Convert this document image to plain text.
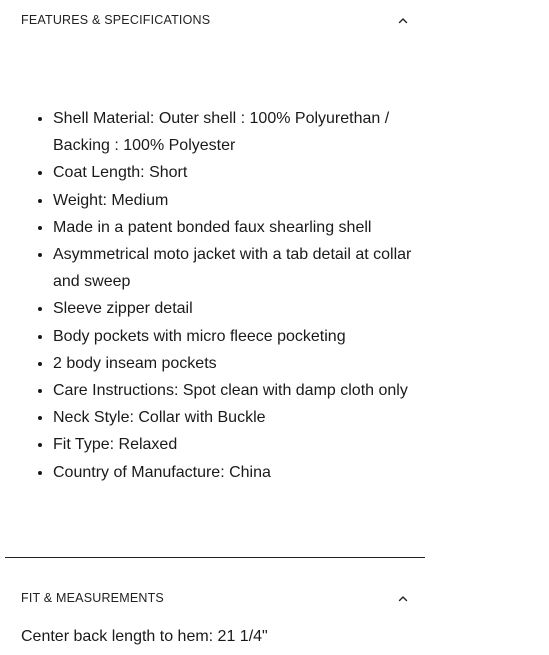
FEATURES & SPECIFICATIONS
• Shell Material: Outer shell : 100% Polyurethan / Backing : 100% Polyester
• Coat Length: Short
• Weight: Medium
• Made in a patent bonded faux shearling shell
• Asymmetrical moto jacket with a tab detail at collar and sweep
• Sleeve zipper detail
• Body pockets with micro fleece pocketing
• 2 body inseam pockets
• Care Instructions: Spot clean with damp cloth only
• Neck Style: Collar with Buckle
• Fit Type: Relaxed
• Country of Manufacture: China
FIT & MEASUREMENTS
Center back length to hem: 21 1/4"
